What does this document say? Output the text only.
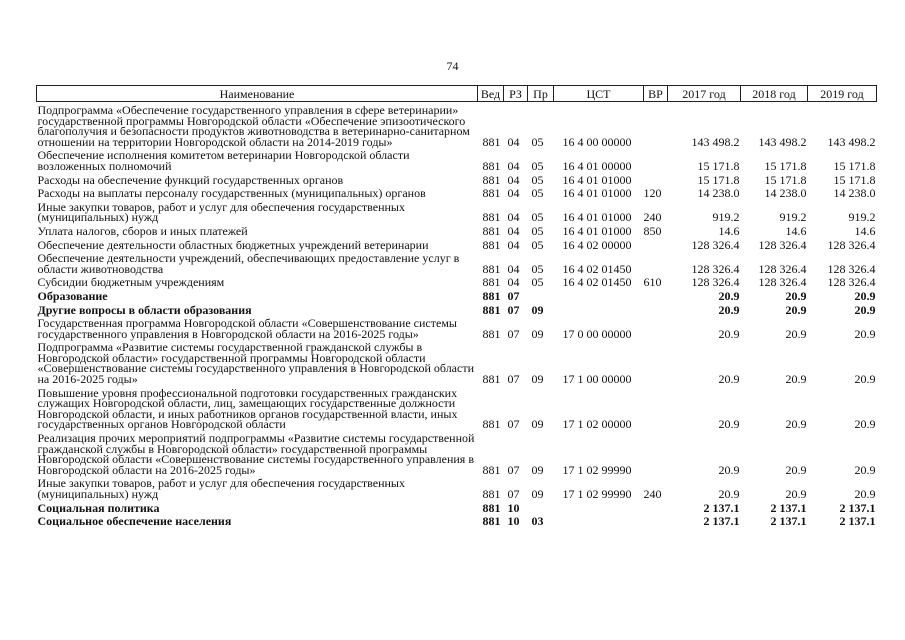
74
Наименование	Вед	РЗ	Пр	ЦСТ	ВР	2017 год	2018 год	2019 год
Подпрограмма «Обеспечение государственного управления в сфере ветеринарии» государственной программы Новгородской области «Обеспечение эпизоотического благополучия и безопасности продуктов животноводства в ветеринарно-санитарном отношении на территории Новгородской области на 2014-2019 годы»	881	04	05	16 4 00 00000		143 498.2	143 498.2	143 498.2
Обеспечение исполнения комитетом ветеринарии Новгородской области возложенных полномочий	881	04	05	16 4 01 00000		15 171.8	15 171.8	15 171.8
Расходы на обеспечение функций государственных органов	881	04	05	16 4 01 01000		15 171.8	15 171.8	15 171.8
Расходы на выплаты персоналу государственных (муниципальных) органов	881	04	05	16 4 01 01000	120	14 238.0	14 238.0	14 238.0
Иные закупки товаров, работ и услуг для обеспечения государственных (муниципальных) нужд	881	04	05	16 4 01 01000	240	919.2	919.2	919.2
Уплата налогов, сборов и иных платежей	881	04	05	16 4 01 01000	850	14.6	14.6	14.6
Обеспечение деятельности областных бюджетных учреждений ветеринарии	881	04	05	16 4 02 00000		128 326.4	128 326.4	128 326.4
Обеспечение деятельности учреждений, обеспечивающих предоставление услуг в области животноводства	881	04	05	16 4 02 01450		128 326.4	128 326.4	128 326.4
Субсидии бюджетным учреждениям	881	04	05	16 4 02 01450	610	128 326.4	128 326.4	128 326.4
Образование	881	07				20.9	20.9	20.9
Другие вопросы в области образования	881	07	09			20.9	20.9	20.9
Государственная программа Новгородской области «Совершенствование системы государственного управления в Новгородской области на 2016-2025 годы»	881	07	09	17 0 00 00000		20.9	20.9	20.9
Подпрограмма «Развитие системы государственной гражданской службы в Новгородской области» государственной программы Новгородской области «Совершенствование системы государственного управления в Новгородской области на 2016-2025 годы»	881	07	09	17 1 00 00000		20.9	20.9	20.9
Повышение уровня профессиональной подготовки государственных гражданских служащих Новгородской области, лиц, замещающих государственные должности Новгородской области, и иных работников органов государственной власти, иных государственных органов Новгородской области	881	07	09	17 1 02 00000		20.9	20.9	20.9
Реализация прочих мероприятий подпрограммы «Развитие системы государственной гражданской службы в Новгородской области» государственной программы Новгородской области «Совершенствование системы государственного управления в Новгородской области на 2016-2025 годы»	881	07	09	17 1 02 99990		20.9	20.9	20.9
Иные закупки товаров, работ и услуг для обеспечения государственных (муниципальных) нужд	881	07	09	17 1 02 99990	240	20.9	20.9	20.9
Социальная политика	881	10				2 137.1	2 137.1	2 137.1
Социальное обеспечение населения	881	10	03			2 137.1	2 137.1	2 137.1
